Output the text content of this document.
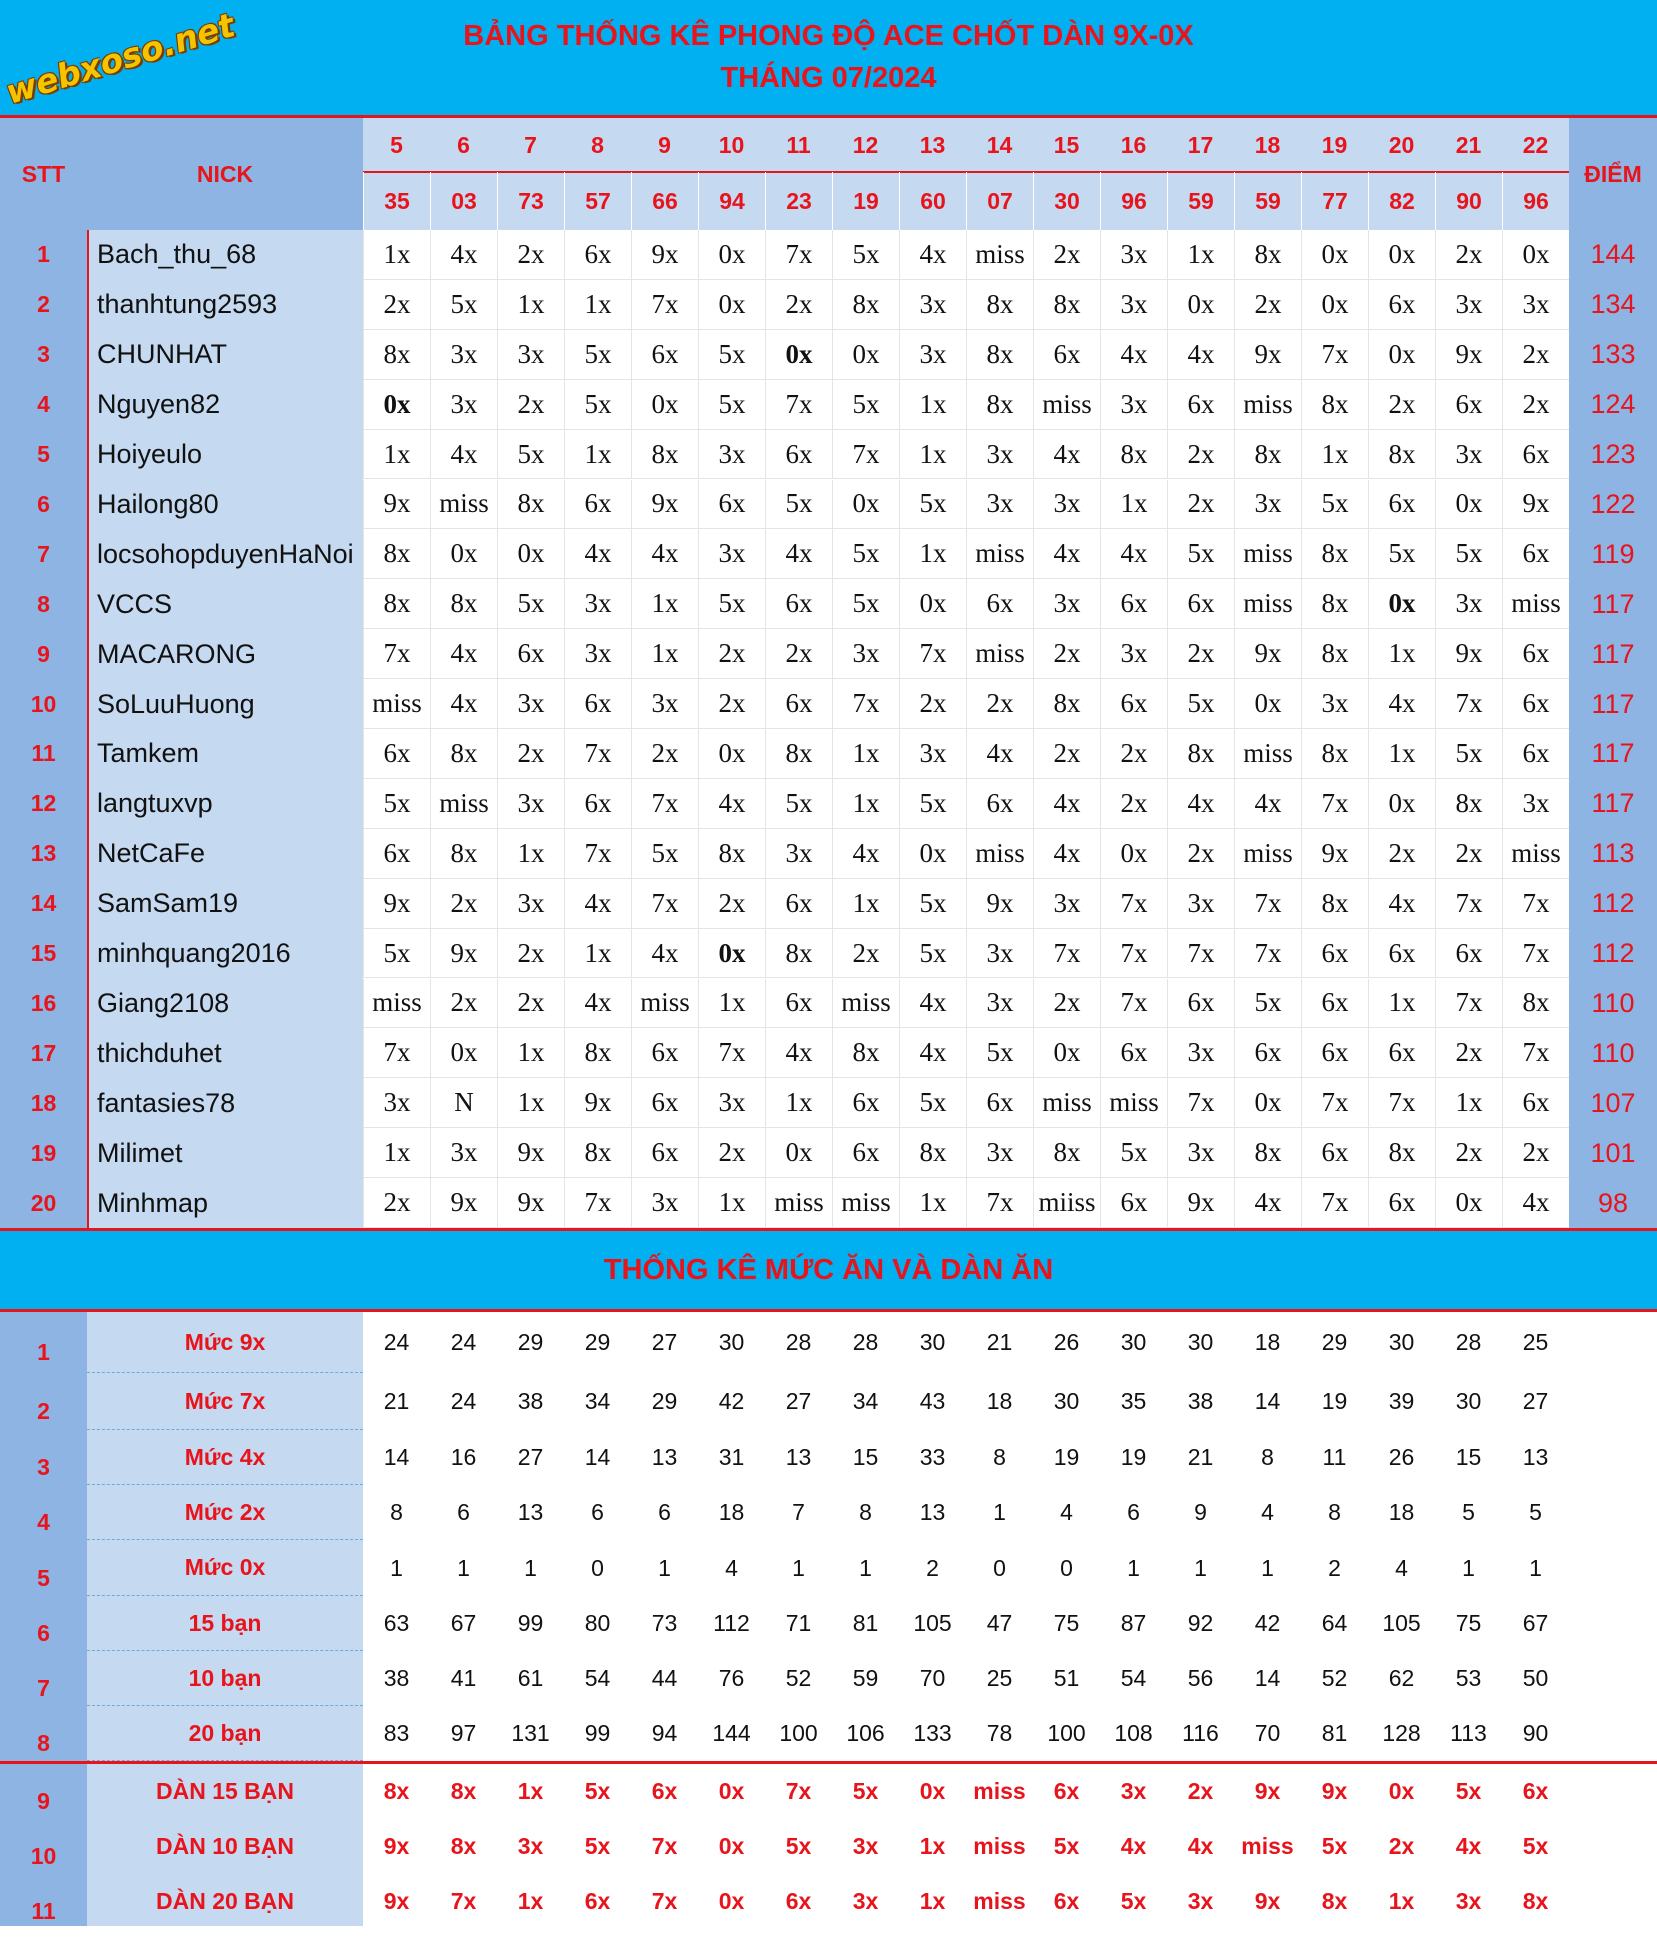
webxoso.net	BẢNG THỐNG KÊ PHONG ĐỘ ACE CHỐT DÀN 9X-0X
THÁNG 07/2024
STT	NICK	ĐIỂM
5	6	7	8	9	10	11	12	13	14	15	16	17	18	19	20	21	22
35	03	73	57	66	94	23	19	60	07	30	96	59	59	77	82	90	96
1	Bach_thu_68	1x	4x	2x	6x	9x	0x	7x	5x	4x	miss	2x	3x	1x	8x	0x	0x	2x	0x	144
2	thanhtung2593	2x	5x	1x	1x	7x	0x	2x	8x	3x	8x	8x	3x	0x	2x	0x	6x	3x	3x	134
3	CHUNHAT	8x	3x	3x	5x	6x	5x	0x	0x	3x	8x	6x	4x	4x	9x	7x	0x	9x	2x	133
4	Nguyen82	0x	3x	2x	5x	0x	5x	7x	5x	1x	8x	miss	3x	6x	miss	8x	2x	6x	2x	124
5	Hoiyeulo	1x	4x	5x	1x	8x	3x	6x	7x	1x	3x	4x	8x	2x	8x	1x	8x	3x	6x	123
6	Hailong80	9x	miss	8x	6x	9x	6x	5x	0x	5x	3x	3x	1x	2x	3x	5x	6x	0x	9x	122
7	locsohopduyenHaNoi	8x	0x	0x	4x	4x	3x	4x	5x	1x	miss	4x	4x	5x	miss	8x	5x	5x	6x	119
8	VCCS	8x	8x	5x	3x	1x	5x	6x	5x	0x	6x	3x	6x	6x	miss	8x	0x	3x	miss	117
9	MACARONG	7x	4x	6x	3x	1x	2x	2x	3x	7x	miss	2x	3x	2x	9x	8x	1x	9x	6x	117
10	SoLuuHuong	miss	4x	3x	6x	3x	2x	6x	7x	2x	2x	8x	6x	5x	0x	3x	4x	7x	6x	117
11	Tamkem	6x	8x	2x	7x	2x	0x	8x	1x	3x	4x	2x	2x	8x	miss	8x	1x	5x	6x	117
12	langtuxvp	5x	miss	3x	6x	7x	4x	5x	1x	5x	6x	4x	2x	4x	4x	7x	0x	8x	3x	117
13	NetCaFe	6x	8x	1x	7x	5x	8x	3x	4x	0x	miss	4x	0x	2x	miss	9x	2x	2x	miss	113
14	SamSam19	9x	2x	3x	4x	7x	2x	6x	1x	5x	9x	3x	7x	3x	7x	8x	4x	7x	7x	112
15	minhquang2016	5x	9x	2x	1x	4x	0x	8x	2x	5x	3x	7x	7x	7x	7x	6x	6x	6x	7x	112
16	Giang2108	miss	2x	2x	4x	miss	1x	6x	miss	4x	3x	2x	7x	6x	5x	6x	1x	7x	8x	110
17	thichduhet	7x	0x	1x	8x	6x	7x	4x	8x	4x	5x	0x	6x	3x	6x	6x	6x	2x	7x	110
18	fantasies78	3x	N	1x	9x	6x	3x	1x	6x	5x	6x	miss miss	7x	0x	7x	7x	1x	6x	107
19	Milimet	1x	3x	9x	8x	6x	2x	0x	6x	8x	3x	8x	5x	3x	8x	6x	8x	2x	2x	101
20	Minhmap	2x	9x	9x	7x	3x	1x	miss miss	1x	7x miiss 6x	9x	4x	7x	6x	0x	4x	98
THỐNG KÊ MỨC ĂN VÀ DÀN ĂN
1	Mức 9x	24	24	29	29	27	30	28	28	30	21	26	30	30	18	29	30	28	25
2	Mức 7x	21	24	38	34	29	42	27	34	43	18	30	35	38	14	19	39	30	27
3	Mức 4x	14	16	27	14	13	31	13	15	33	8	19	19	21	8	11	26	15	13
4	Mức 2x	8	6	13	6	6	18	7	8	13	1	4	6	9	4	8	18	5	5
5	Mức 0x	1	1	1	0	1	4	1	1	2	0	0	1	1	1	2	4	1	1
6	15 bạn	63	67	99	80	73	112	71	81	105	47	75	87	92	42	64	105	75	67
7	10 bạn	38	41	61	54	44	76	52	59	70	25	51	54	56	14	52	62	53	50
8	20 bạn	83	97	131	99	94	144	100	106	133	78	100	108	116	70	81	128	113	90
9	DÀN 15 BẠN	8x	8x	1x	5x	6x	0x	7x	5x	0x	miss	6x	3x	2x	9x	9x	0x	5x	6x
10	DÀN 10 BẠN	9x	8x	3x	5x	7x	0x	5x	3x	1x	miss	5x	4x	4x	miss	5x	2x	4x	5x
11	DÀN 20 BẠN	9x	7x	1x	6x	7x	0x	6x	3x	1x	miss	6x	5x	3x	9x	8x	1x	3x	8x
